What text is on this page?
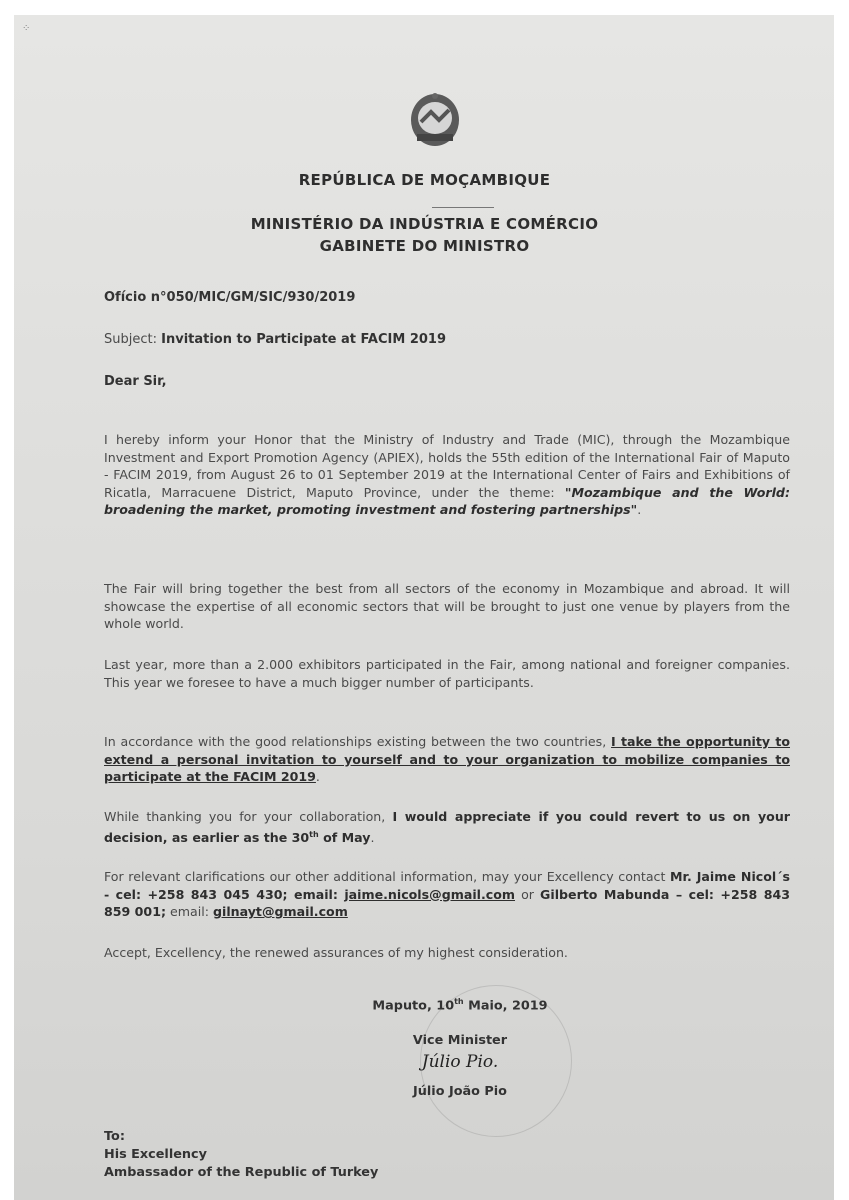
⁘
REPÚBLICA DE MOÇAMBIQUE
MINISTÉRIO DA INDÚSTRIA E COMÉRCIO
GABINETE DO MINISTRO
Ofício n°050/MIC/GM/SIC/930/2019
Subject: Invitation to Participate at FACIM 2019
Dear Sir,
I hereby inform your Honor that the Ministry of Industry and Trade (MIC), through the Mozambique Investment and Export Promotion Agency (APIEX), holds the 55th edition of the International Fair of Maputo - FACIM 2019, from August 26 to 01 September 2019 at the International Center of Fairs and Exhibitions of Ricatla, Marracuene District, Maputo Province, under the theme: "Mozambique and the World: broadening the market, promoting investment and fostering partnerships".
The Fair will bring together the best from all sectors of the economy in Mozambique and abroad. It will showcase the expertise of all economic sectors that will be brought to just one venue by players from the whole world.
Last year, more than a 2.000 exhibitors participated in the Fair, among national and foreigner companies. This year we foresee to have a much bigger number of participants.
In accordance with the good relationships existing between the two countries, I take the opportunity to extend a personal invitation to yourself and to your organization to mobilize companies to participate at the FACIM 2019.
While thanking you for your collaboration, I would appreciate if you could revert to us on your decision, as earlier as the 30th of May.
For relevant clarifications our other additional information, may your Excellency contact Mr. Jaime Nicol´s - cel: +258 843 045 430; email: jaime.nicols@gmail.com or Gilberto Mabunda – cel: +258 843 859 001; email: gilnayt@gmail.com
Accept, Excellency, the renewed assurances of my highest consideration.
Maputo, 10th Maio, 2019
Vice Minister
Júlio Pio.
Júlio João Pio
To:
His Excellency
Ambassador of the Republic of Turkey
